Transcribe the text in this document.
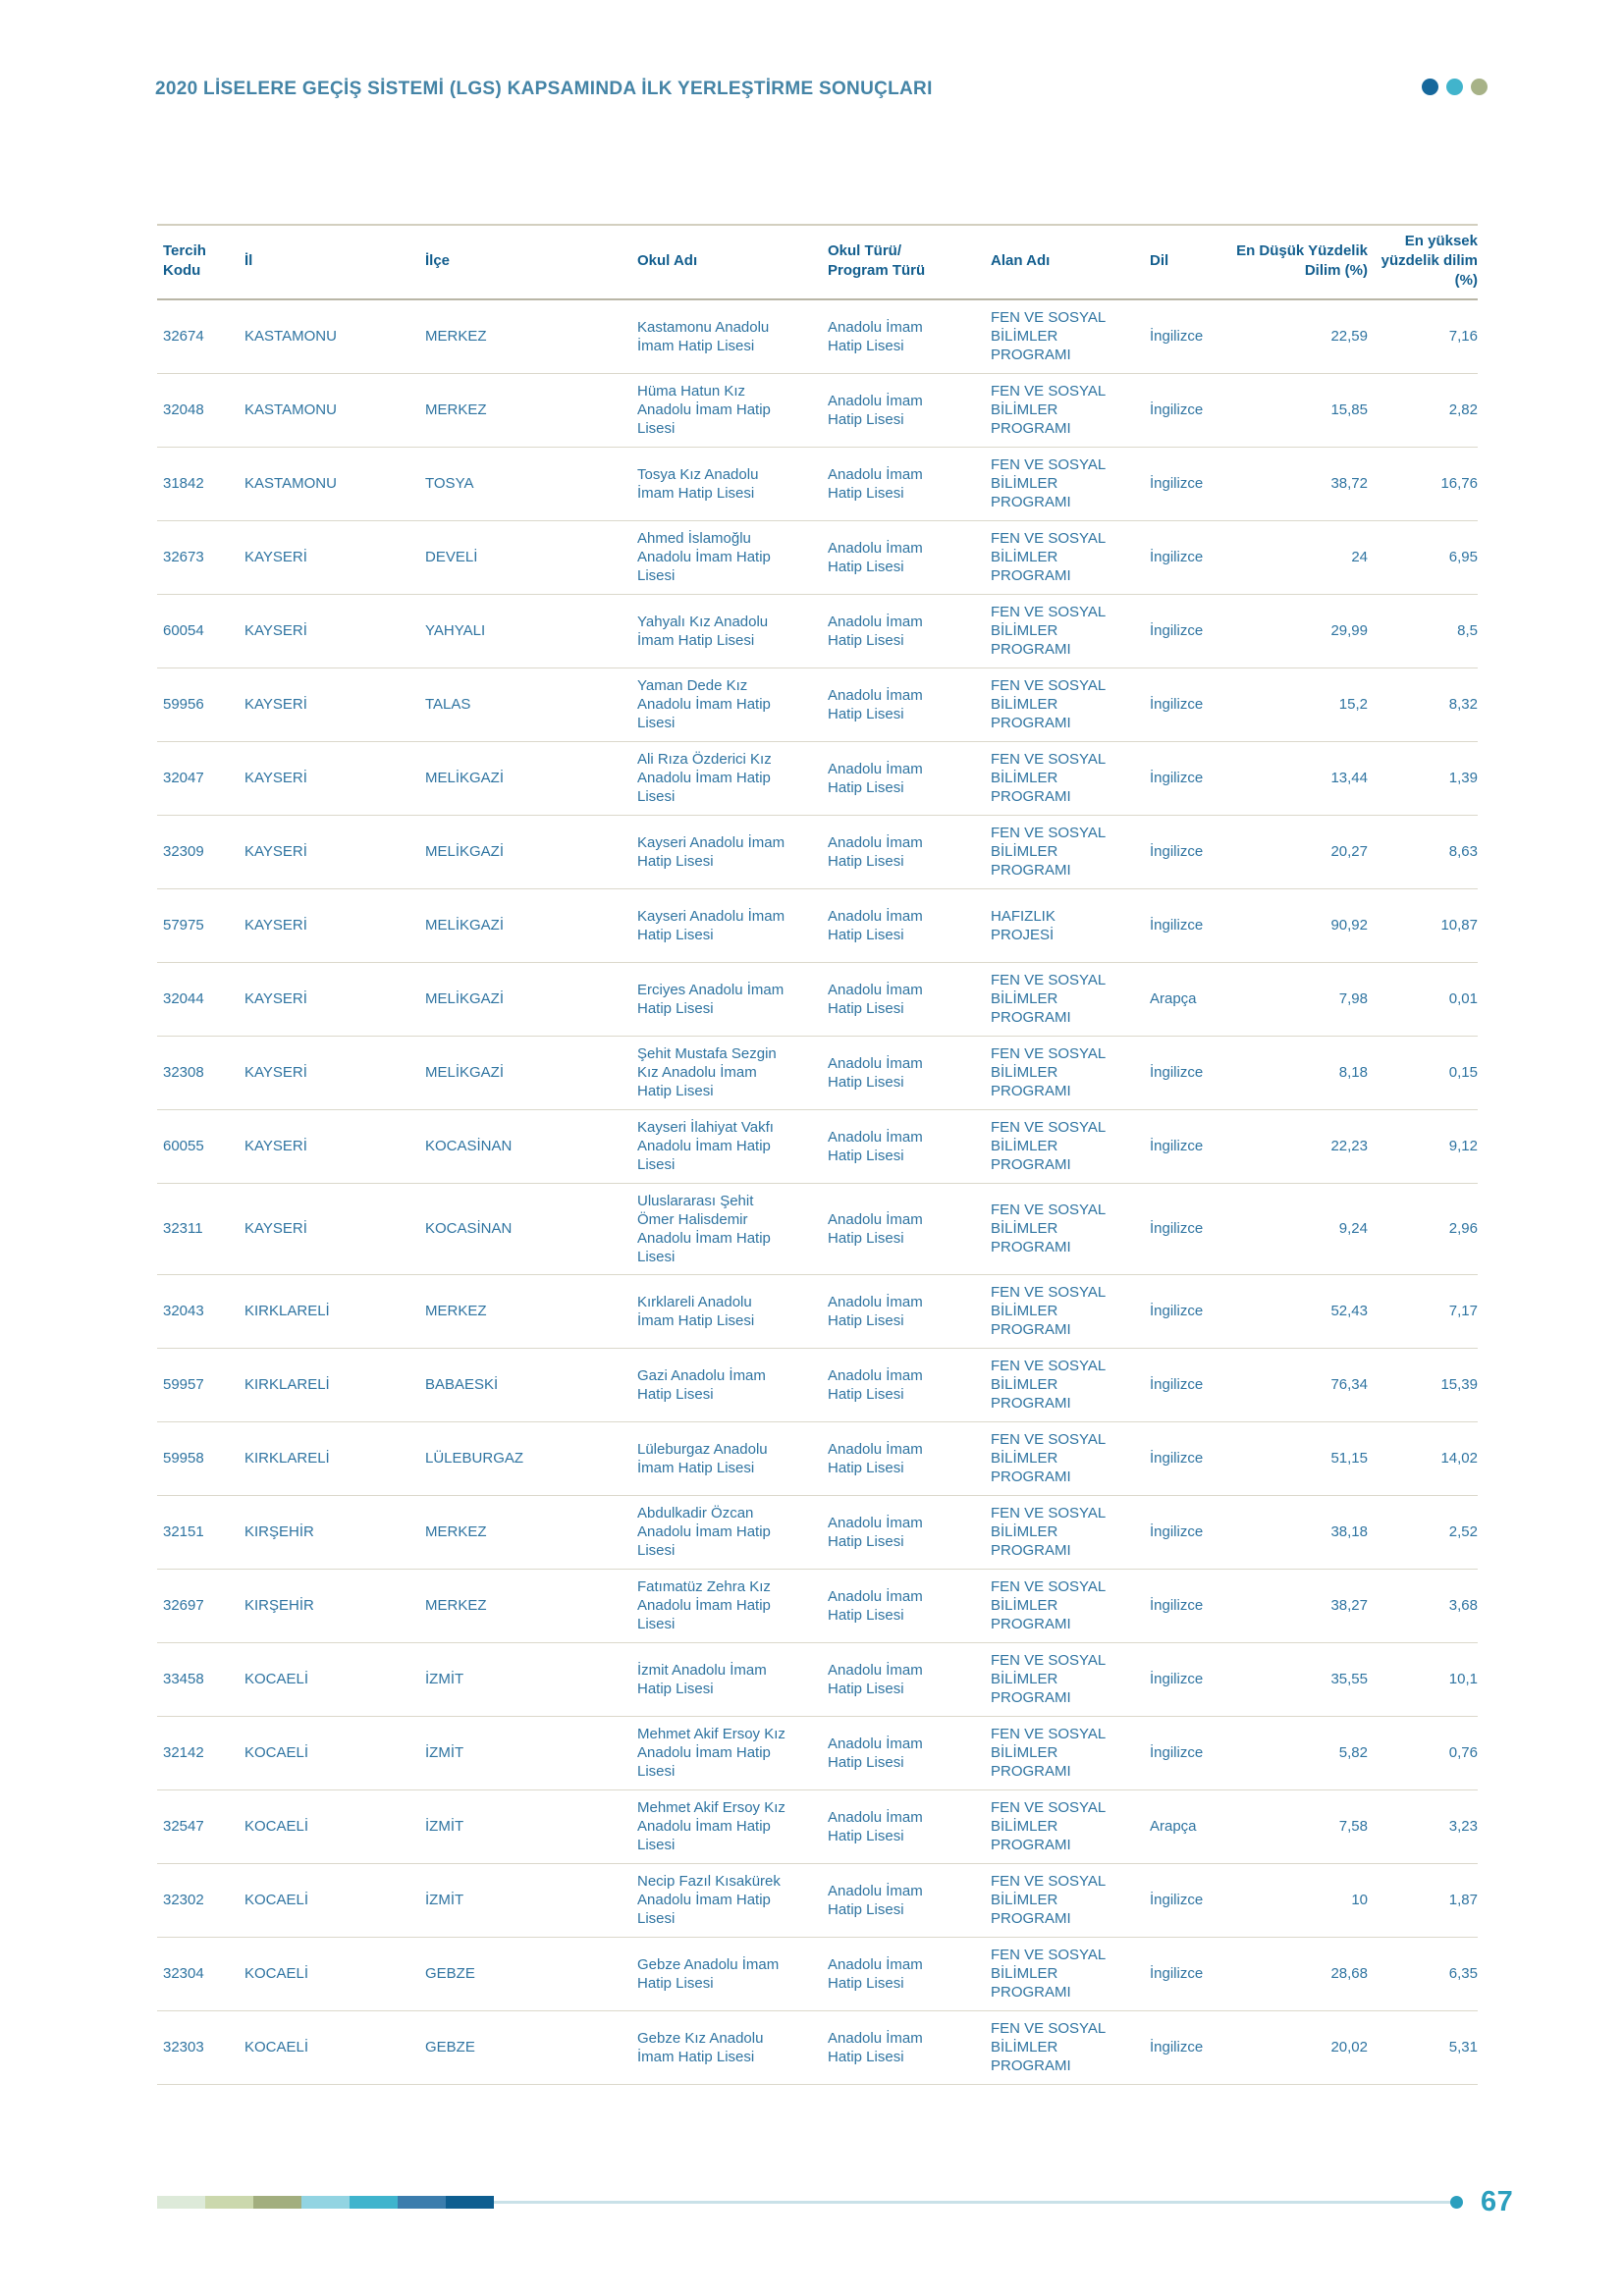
2020 LİSELERE GEÇİŞ SİSTEMİ (LGS) KAPSAMINDA İLK YERLEŞTİRME SONUÇLARI
Tercih Kodu	İl	İlçe	Okul Adı	Okul Türü/ Program Türü	Alan Adı	Dil	En Düşük Yüzdelik Dilim (%)	En yüksek yüzdelik dilim (%)
32674	KASTAMONU	MERKEZ	Kastamonu Anadolu İmam Hatip Lisesi	Anadolu İmam Hatip Lisesi	FEN VE SOSYAL BİLİMLER PROGRAMI	İngilizce	22,59	7,16
32048	KASTAMONU	MERKEZ	Hüma Hatun Kız Anadolu İmam Hatip Lisesi	Anadolu İmam Hatip Lisesi	FEN VE SOSYAL BİLİMLER PROGRAMI	İngilizce	15,85	2,82
31842	KASTAMONU	TOSYA	Tosya Kız Anadolu İmam Hatip Lisesi	Anadolu İmam Hatip Lisesi	FEN VE SOSYAL BİLİMLER PROGRAMI	İngilizce	38,72	16,76
32673	KAYSERİ	DEVELİ	Ahmed İslamoğlu Anadolu İmam Hatip Lisesi	Anadolu İmam Hatip Lisesi	FEN VE SOSYAL BİLİMLER PROGRAMI	İngilizce	24	6,95
60054	KAYSERİ	YAHYALI	Yahyalı Kız Anadolu İmam Hatip Lisesi	Anadolu İmam Hatip Lisesi	FEN VE SOSYAL BİLİMLER PROGRAMI	İngilizce	29,99	8,5
59956	KAYSERİ	TALAS	Yaman Dede Kız Anadolu İmam Hatip Lisesi	Anadolu İmam Hatip Lisesi	FEN VE SOSYAL BİLİMLER PROGRAMI	İngilizce	15,2	8,32
32047	KAYSERİ	MELİKGAZİ	Ali Rıza Özderici Kız Anadolu İmam Hatip Lisesi	Anadolu İmam Hatip Lisesi	FEN VE SOSYAL BİLİMLER PROGRAMI	İngilizce	13,44	1,39
32309	KAYSERİ	MELİKGAZİ	Kayseri Anadolu İmam Hatip Lisesi	Anadolu İmam Hatip Lisesi	FEN VE SOSYAL BİLİMLER PROGRAMI	İngilizce	20,27	8,63
57975	KAYSERİ	MELİKGAZİ	Kayseri Anadolu İmam Hatip Lisesi	Anadolu İmam Hatip Lisesi	HAFIZLIK PROJESİ	İngilizce	90,92	10,87
32044	KAYSERİ	MELİKGAZİ	Erciyes Anadolu İmam Hatip Lisesi	Anadolu İmam Hatip Lisesi	FEN VE SOSYAL BİLİMLER PROGRAMI	Arapça	7,98	0,01
32308	KAYSERİ	MELİKGAZİ	Şehit Mustafa Sezgin Kız Anadolu İmam Hatip Lisesi	Anadolu İmam Hatip Lisesi	FEN VE SOSYAL BİLİMLER PROGRAMI	İngilizce	8,18	0,15
60055	KAYSERİ	KOCASİNAN	Kayseri İlahiyat Vakfı Anadolu İmam Hatip Lisesi	Anadolu İmam Hatip Lisesi	FEN VE SOSYAL BİLİMLER PROGRAMI	İngilizce	22,23	9,12
32311	KAYSERİ	KOCASİNAN	Uluslararası Şehit Ömer Halisdemir Anadolu İmam Hatip Lisesi	Anadolu İmam Hatip Lisesi	FEN VE SOSYAL BİLİMLER PROGRAMI	İngilizce	9,24	2,96
32043	KIRKLARELİ	MERKEZ	Kırklareli Anadolu İmam Hatip Lisesi	Anadolu İmam Hatip Lisesi	FEN VE SOSYAL BİLİMLER PROGRAMI	İngilizce	52,43	7,17
59957	KIRKLARELİ	BABAESKİ	Gazi Anadolu İmam Hatip Lisesi	Anadolu İmam Hatip Lisesi	FEN VE SOSYAL BİLİMLER PROGRAMI	İngilizce	76,34	15,39
59958	KIRKLARELİ	LÜLEBURGAZ	Lüleburgaz Anadolu İmam Hatip Lisesi	Anadolu İmam Hatip Lisesi	FEN VE SOSYAL BİLİMLER PROGRAMI	İngilizce	51,15	14,02
32151	KIRŞEHİR	MERKEZ	Abdulkadir Özcan Anadolu İmam Hatip Lisesi	Anadolu İmam Hatip Lisesi	FEN VE SOSYAL BİLİMLER PROGRAMI	İngilizce	38,18	2,52
32697	KIRŞEHİR	MERKEZ	Fatımatüz Zehra Kız Anadolu İmam Hatip Lisesi	Anadolu İmam Hatip Lisesi	FEN VE SOSYAL BİLİMLER PROGRAMI	İngilizce	38,27	3,68
33458	KOCAELİ	İZMİT	İzmit Anadolu İmam Hatip Lisesi	Anadolu İmam Hatip Lisesi	FEN VE SOSYAL BİLİMLER PROGRAMI	İngilizce	35,55	10,1
32142	KOCAELİ	İZMİT	Mehmet Akif Ersoy Kız Anadolu İmam Hatip Lisesi	Anadolu İmam Hatip Lisesi	FEN VE SOSYAL BİLİMLER PROGRAMI	İngilizce	5,82	0,76
32547	KOCAELİ	İZMİT	Mehmet Akif Ersoy Kız Anadolu İmam Hatip Lisesi	Anadolu İmam Hatip Lisesi	FEN VE SOSYAL BİLİMLER PROGRAMI	Arapça	7,58	3,23
32302	KOCAELİ	İZMİT	Necip Fazıl Kısakürek Anadolu İmam Hatip Lisesi	Anadolu İmam Hatip Lisesi	FEN VE SOSYAL BİLİMLER PROGRAMI	İngilizce	10	1,87
32304	KOCAELİ	GEBZE	Gebze Anadolu İmam Hatip Lisesi	Anadolu İmam Hatip Lisesi	FEN VE SOSYAL BİLİMLER PROGRAMI	İngilizce	28,68	6,35
32303	KOCAELİ	GEBZE	Gebze Kız Anadolu İmam Hatip Lisesi	Anadolu İmam Hatip Lisesi	FEN VE SOSYAL BİLİMLER PROGRAMI	İngilizce	20,02	5,31
67
